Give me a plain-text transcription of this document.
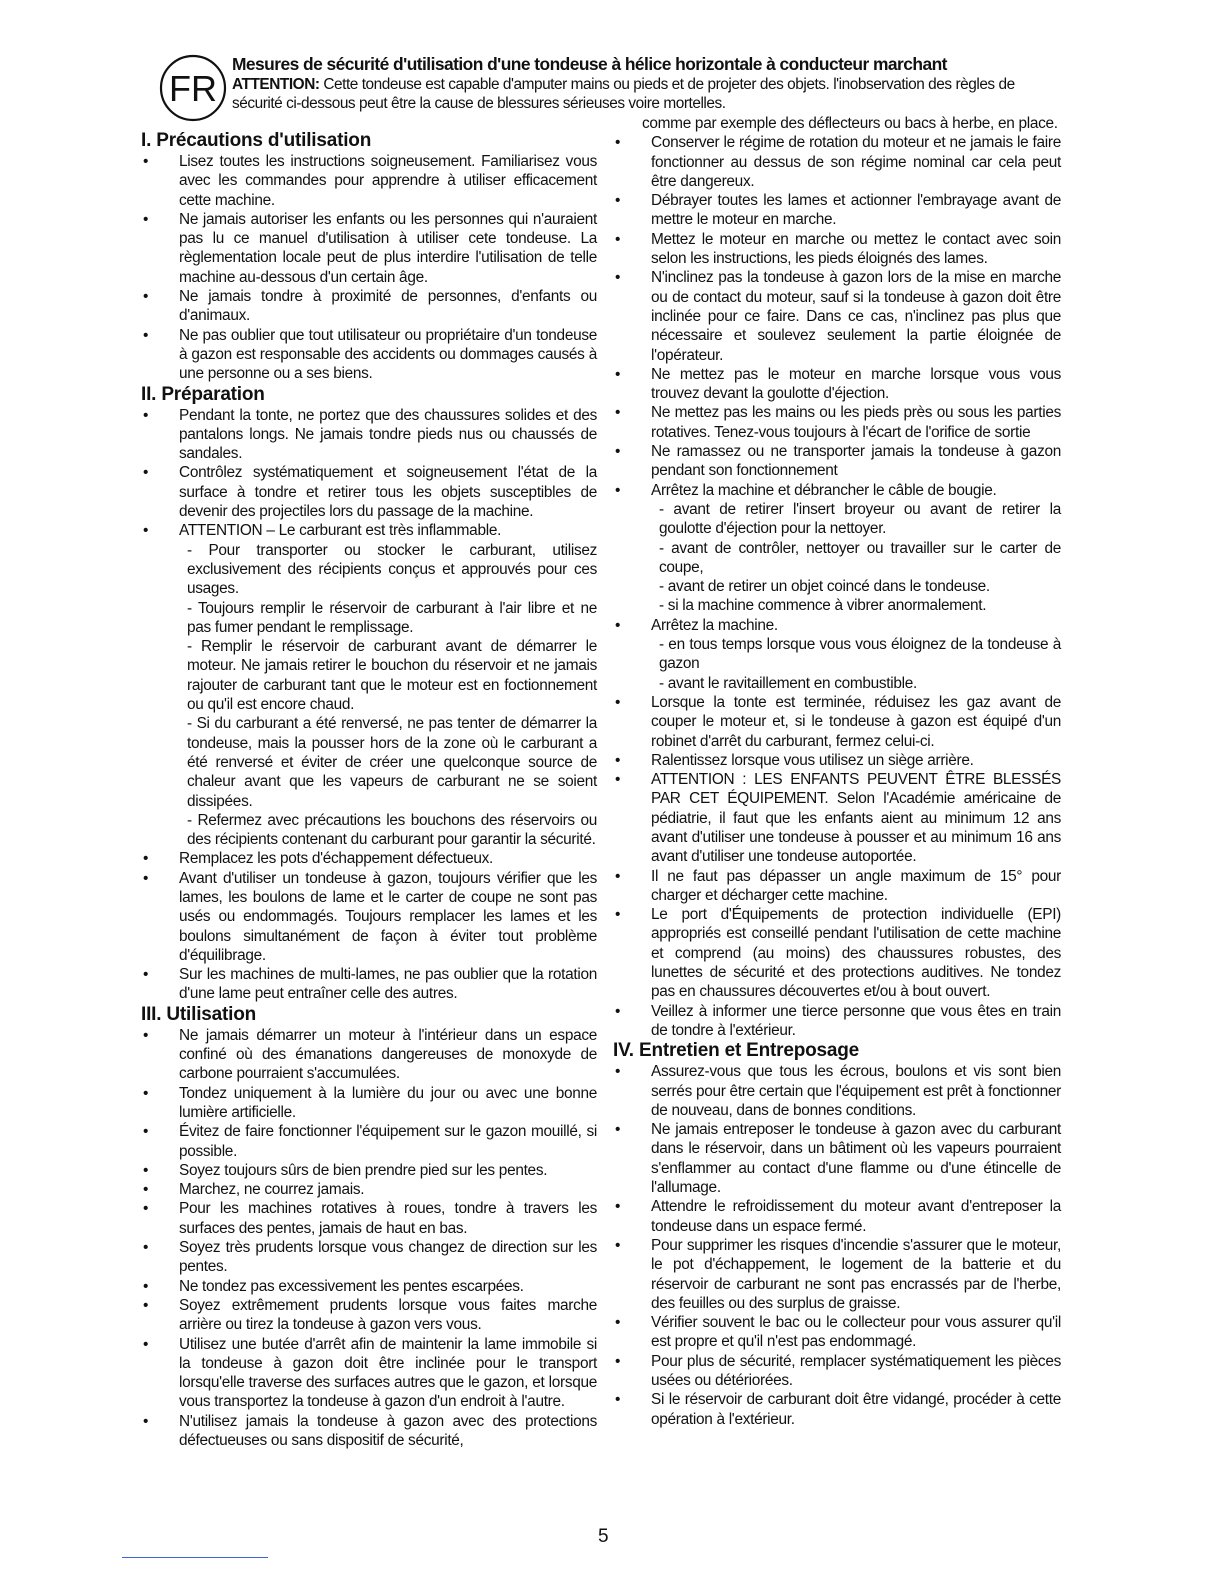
FR
Mesures de sécurité d'utilisation d'une tondeuse à hélice horizontale à conducteur marchant
ATTENTION: Cette tondeuse est capable d'amputer mains ou pieds et de projeter des objets. l'inobservation des règles de sécurité ci-dessous peut être la cause de blessures sérieuses voire mortelles.
I. Précautions d'utilisation
• Lisez toutes les instructions soigneusement. Familiarisez vous avec les commandes pour apprendre à utiliser efficacement cette machine.
• Ne jamais autoriser les enfants ou les personnes qui n'auraient pas lu ce manuel d'utilisation à utiliser cete tondeuse. La règlementation locale peut de plus interdire l'utilisation de telle machine au-dessous d'un certain âge.
• Ne jamais tondre à proximité de personnes, d'enfants ou d'animaux.
• Ne pas oublier que tout utilisateur ou propriétaire d'un tondeuse à gazon est responsable des accidents ou dommages causés à une personne ou a ses biens.
II. Préparation
• Pendant la tonte, ne portez que des chaussures solides et des pantalons longs. Ne jamais tondre pieds nus ou chaussés de sandales.
• Contrôlez systématiquement et soigneusement l'état de la surface à tondre et retirer tous les objets susceptibles de devenir des projectiles lors du passage de la machine.
• ATTENTION – Le carburant est très inflammable.
- Pour transporter ou stocker le carburant, utilisez exclusivement des récipients conçus et approuvés pour ces usages.
- Toujours remplir le réservoir de carburant à l'air libre et ne pas fumer pendant le remplissage.
- Remplir le réservoir de carburant avant de démarrer le moteur. Ne jamais retirer le bouchon du réservoir et ne jamais rajouter de carburant tant que le moteur est en foctionnement ou qu'il est encore chaud.
- Si du carburant a été renversé, ne pas tenter de démarrer la tondeuse, mais la pousser hors de la zone où le carburant a été renversé et éviter de créer une quelconque source de chaleur avant que les vapeurs de carburant ne se soient dissipées.
- Refermez avec précautions les bouchons des réservoirs ou des récipients contenant du carburant pour garantir la sécurité.
• Remplacez les pots d'échappement défectueux.
• Avant d'utiliser un tondeuse à gazon, toujours vérifier que les lames, les boulons de lame et le carter de coupe ne sont pas usés ou endommagés. Toujours remplacer les lames et les boulons simultanément de façon à éviter tout problème d'équilibrage.
• Sur les machines de multi-lames, ne pas oublier que la rotation d'une lame peut entraîner celle des autres.
III. Utilisation
• Ne jamais démarrer un moteur à l'intérieur dans un espace confiné où des émanations dangereuses de monoxyde de carbone pourraient s'accumulées.
• Tondez uniquement à la lumière du jour ou avec une bonne lumière artificielle.
• Évitez de faire fonctionner l'équipement sur le gazon mouillé, si possible.
• Soyez toujours sûrs de bien prendre pied sur les pentes.
• Marchez, ne courrez jamais.
• Pour les machines rotatives à roues, tondre à travers les surfaces des pentes, jamais de haut en bas.
• Soyez très prudents lorsque vous changez de direction sur les pentes.
• Ne tondez pas excessivement les pentes escarpées.
• Soyez extrêmement prudents lorsque vous faites marche arrière ou tirez la tondeuse à gazon vers vous.
• Utilisez une butée d'arrêt afin de maintenir la lame immobile si la tondeuse à gazon doit être inclinée pour le transport lorsqu'elle traverse des surfaces autres que le gazon, et lorsque vous transportez la tondeuse à gazon d'un endroit à l'autre.
• N'utilisez jamais la tondeuse à gazon avec des protections défectueuses ou sans dispositif de sécurité,
comme par exemple des déflecteurs ou bacs à herbe, en place.
• Conserver le régime de rotation du moteur et ne jamais le faire fonctionner au dessus de son régime nominal car cela peut être dangereux.
• Débrayer toutes les lames et actionner l'embrayage avant de mettre le moteur en marche.
• Mettez le moteur en marche ou mettez le contact avec soin selon les instructions, les pieds éloignés des lames.
• N'inclinez pas la tondeuse à gazon lors de la mise en marche ou de contact du moteur, sauf si la tondeuse à gazon doit être inclinée pour ce faire. Dans ce cas, n'inclinez pas plus que nécessaire et soulevez seulement la partie éloignée de l'opérateur.
• Ne mettez pas le moteur en marche lorsque vous vous trouvez devant la goulotte d'éjection.
• Ne mettez pas les mains ou les pieds près ou sous les parties rotatives. Tenez-vous toujours à l'écart de l'orifice de sortie
• Ne ramassez ou ne transporter jamais la tondeuse à gazon pendant son fonctionnement
• Arrêtez la machine et débrancher le câble de bougie.
- avant de retirer l'insert broyeur ou avant de retirer la goulotte d'éjection pour la nettoyer.
- avant de contrôler, nettoyer ou travailler sur le carter de coupe,
- avant de retirer un objet coincé dans le tondeuse.
- si la machine commence à vibrer anormalement.
• Arrêtez la machine.
- en tous temps lorsque vous vous éloignez de la tondeuse à gazon
- avant le ravitaillement en combustible.
• Lorsque la tonte est terminée, réduisez les gaz avant de couper le moteur et, si le tondeuse à gazon est équipé d'un robinet d'arrêt du carburant, fermez celui-ci.
• Ralentissez lorsque vous utilisez un siège arrière.
• ATTENTION : LES ENFANTS PEUVENT ÊTRE BLESSÉS PAR CET ÉQUIPEMENT. Selon l'Académie américaine de pédiatrie, il faut que les enfants aient au minimum 12 ans avant d'utiliser une tondeuse à pousser et au minimum 16 ans avant d'utiliser une tondeuse autoportée.
• Il ne faut pas dépasser un angle maximum de 15° pour charger et décharger cette machine.
• Le port d'Équipements de protection individuelle (EPI) appropriés est conseillé pendant l'utilisation de cette machine et comprend (au moins) des chaussures robustes, des lunettes de sécurité et des protections auditives. Ne tondez pas en chaussures découvertes et/ou à bout ouvert.
• Veillez à informer une tierce personne que vous êtes en train de tondre à l'extérieur.
IV. Entretien et Entreposage
• Assurez-vous que tous les écrous, boulons et vis sont bien serrés pour être certain que l'équipement est prêt à fonctionner de nouveau, dans de bonnes conditions.
• Ne jamais entreposer le tondeuse à gazon avec du carburant dans le réservoir, dans un bâtiment où les vapeurs pourraient s'enflammer au contact d'une flamme ou d'une étincelle de l'allumage.
• Attendre le refroidissement du moteur avant d'entreposer la tondeuse dans un espace fermé.
• Pour supprimer les risques d'incendie s'assurer que le moteur, le pot d'échappement, le logement de la batterie et du réservoir de carburant ne sont pas encrassés par de l'herbe, des feuilles ou des surplus de graisse.
• Vérifier souvent le bac ou le collecteur pour vous assurer qu'il est propre et qu'il n'est pas endommagé.
• Pour plus de sécurité, remplacer systématiquement les pièces usées ou détériorées.
• Si le réservoir de carburant doit être vidangé, procéder à cette opération à l'extérieur.
5
